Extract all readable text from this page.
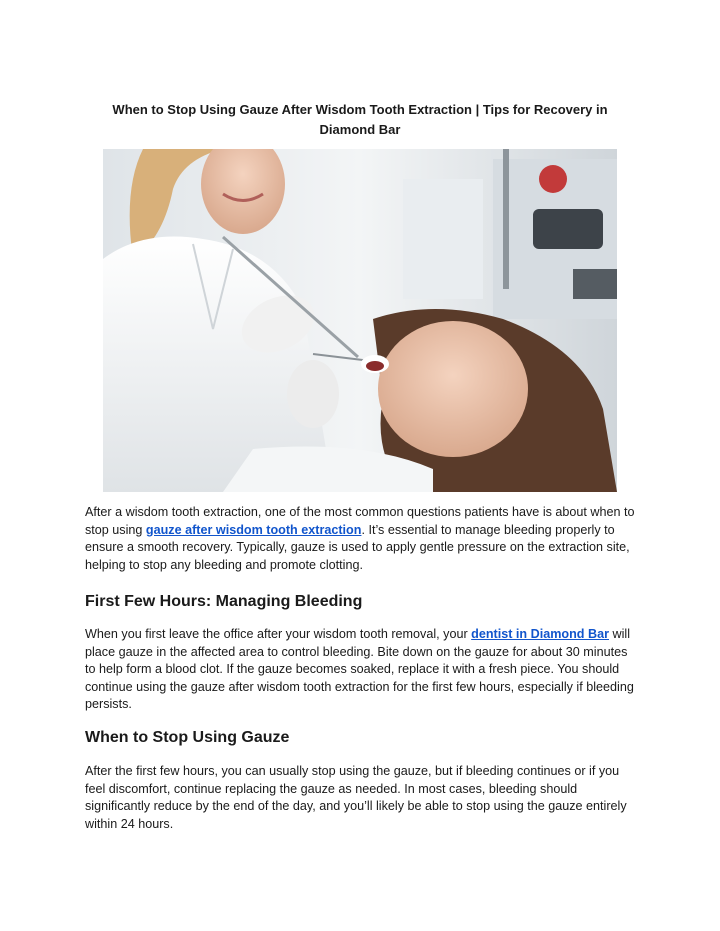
When to Stop Using Gauze After Wisdom Tooth Extraction | Tips for Recovery in Diamond Bar

After a wisdom tooth extraction, one of the most common questions patients have is about when to stop using gauze after wisdom tooth extraction. It’s essential to manage bleeding properly to ensure a smooth recovery. Typically, gauze is used to apply gentle pressure on the extraction site, helping to stop any bleeding and promote clotting.

First Few Hours: Managing Bleeding

When you first leave the office after your wisdom tooth removal, your dentist in Diamond Bar will place gauze in the affected area to control bleeding. Bite down on the gauze for about 30 minutes to help form a blood clot. If the gauze becomes soaked, replace it with a fresh piece. You should continue using the gauze after wisdom tooth extraction for the first few hours, especially if bleeding persists.

When to Stop Using Gauze

After the first few hours, you can usually stop using the gauze, but if bleeding continues or if you feel discomfort, continue replacing the gauze as needed. In most cases, bleeding should significantly reduce by the end of the day, and you’ll likely be able to stop using the gauze entirely within 24 hours.
